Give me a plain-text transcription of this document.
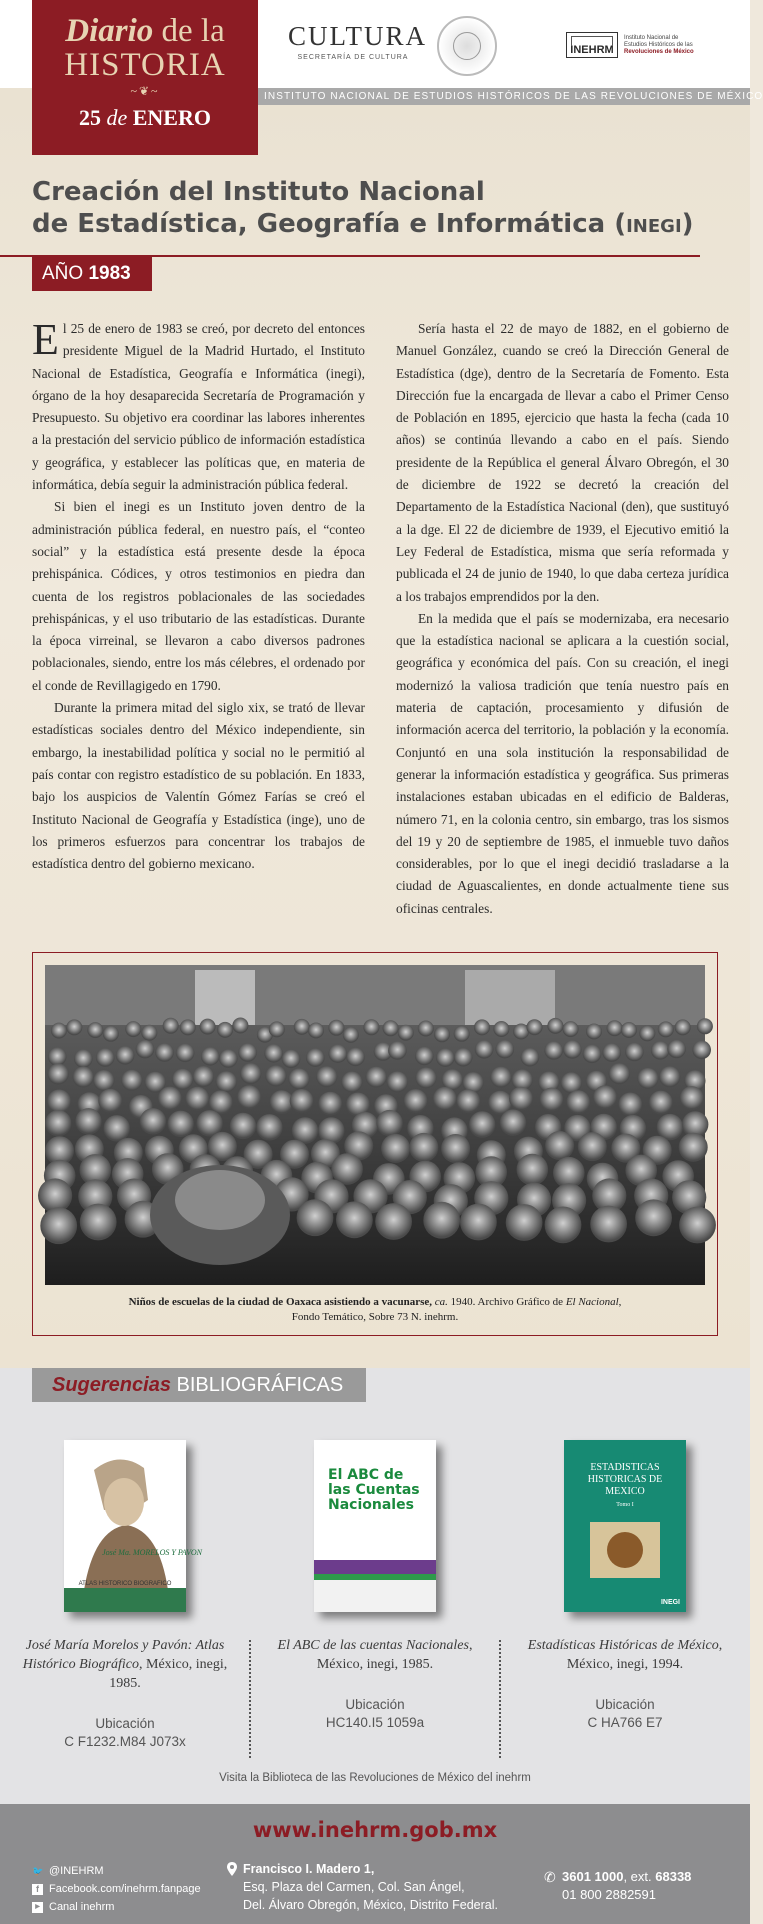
INSTITUTO NACIONAL DE ESTUDIOS HISTÓRICOS DE LAS REVOLUCIONES DE MÉXICO
Diario de la
HISTORIA
~❦~
25 de ENERO
CULTURA
SECRETARÍA DE CULTURA
INEHRM
Instituto Nacional de
Estudios Históricos de las
Revoluciones de México
Creación del Instituto Nacional
de Estadística, Geografía e Informática (inegi)
AÑO 1983

El 25 de enero de 1983 se creó, por decreto del entonces presidente Miguel de la Madrid Hurtado, el Instituto Nacional de Estadística, Geografía e Informática (inegi), órgano de la hoy desaparecida Secretaría de Programación y Presupuesto. Su objetivo era coordinar las labores inherentes a la prestación del servicio público de información estadística y geográfica, y establecer las políticas que, en materia de informática, debía seguir la administración pública federal.

Si bien el inegi es un Instituto joven dentro de la administración pública federal, en nuestro país, el “conteo social” y la estadística está presente desde la época prehispánica. Códices, y otros testimonios en piedra dan cuenta de los registros poblacionales de las sociedades prehispánicas, y el uso tributario de las estadísticas. Durante la época virreinal, se llevaron a cabo diversos padrones poblacionales, siendo, entre los más célebres, el ordenado por el conde de Revillagigedo en 1790.

Durante la primera mitad del siglo xix, se trató de llevar estadísticas sociales dentro del México independiente, sin embargo, la inestabilidad política y social no le permitió al país contar con registro estadístico de su población. En 1833, bajo los auspicios de Valentín Gómez Farías se creó el Instituto Nacional de Geografía y Estadística (inge), uno de los primeros esfuerzos para concentrar los trabajos de estadística dentro del gobierno mexicano.

Sería hasta el 22 de mayo de 1882, en el gobierno de Manuel González, cuando se creó la Dirección General de Estadística (dge), dentro de la Secretaría de Fomento. Esta Dirección fue la encargada de llevar a cabo el Primer Censo de Población en 1895, ejercicio que hasta la fecha (cada 10 años) se continúa llevando a cabo en el país. Siendo presidente de la República el general Álvaro Obregón, el 30 de diciembre de 1922 se decretó la creación del Departamento de la Estadística Nacional (den), que sustituyó a la dge. El 22 de diciembre de 1939, el Ejecutivo emitió la Ley Federal de Estadística, misma que sería reformada y publicada el 24 de junio de 1940, lo que daba certeza jurídica a los trabajos emprendidos por la den.

En la medida que el país se modernizaba, era necesario que la estadística nacional se aplicara a la cuestión social, geográfica y económica del país. Con su creación, el inegi modernizó la valiosa tradición que tenía nuestro país en materia de captación, procesamiento y difusión de información acerca del territorio, la población y la economía. Conjuntó en una sola institución la responsabilidad de generar la información estadística y geográfica. Sus primeras instalaciones estaban ubicadas en el edificio de Balderas, número 71, en la colonia centro, sin embargo, tras los sismos del 19 y 20 de septiembre de 1985, el inmueble tuvo daños considerables, por lo que el inegi decidió trasladarse a la ciudad de Aguascalientes, en donde actualmente tiene sus oficinas centrales.

Niños de escuelas de la ciudad de Oaxaca asistiendo a vacunarse, ca. 1940. Archivo Gráfico de El Nacional,
Fondo Temático, Sobre 73 N. inehrm.
Sugerencias BIBLIOGRÁFICAS
ATLAS HISTORICO BIOGRAFICO
José Ma. MORELOS Y PAVON
José María Morelos y Pavón: Atlas Histórico Biográfico, México, inegi, 1985.
Ubicación
C F1232.M84 J073x
El ABC de las Cuentas Nacionales
El ABC de las cuentas Nacionales, México, inegi, 1985.
Ubicación
HC140.I5 1059a
ESTADISTICAS HISTORICAS DE MEXICO
Tomo I
INEGI
Estadísticas Históricas de México, México, inegi, 1994.
Ubicación
C HA766 E7
Visita la Biblioteca de las Revoluciones de México del inehrm
www.inehrm.gob.mx
🐦 @INEHRM
f Facebook.com/inehrm.fanpage
▶ Canal inehrm
Francisco I. Madero 1,
Esq. Plaza del Carmen, Col. San Ángel,
Del. Álvaro Obregón, México, Distrito Federal.
✆ 3601 1000, ext. 68338
01 800 2882591
